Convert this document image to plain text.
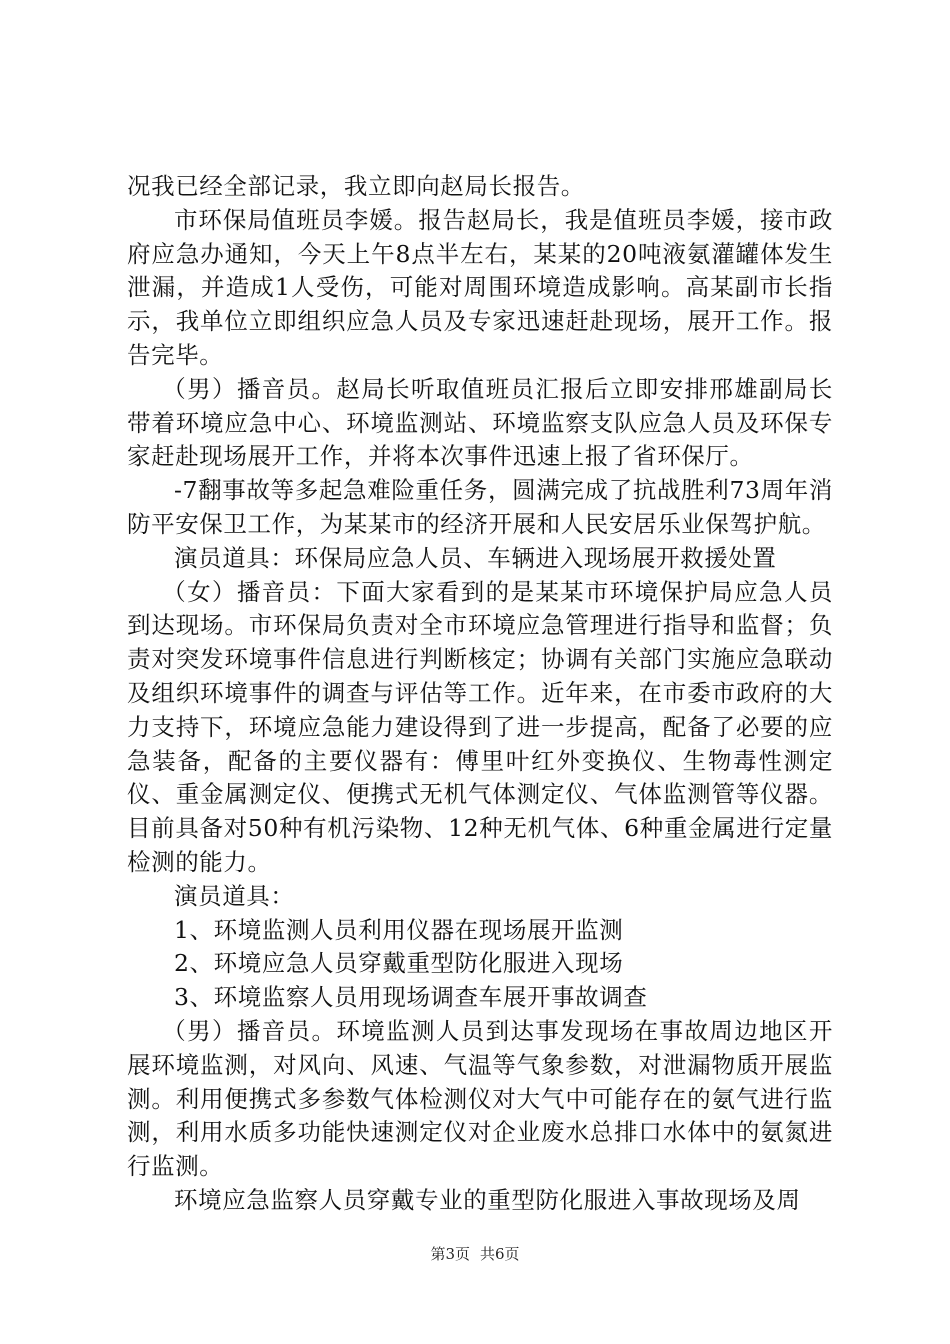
况我已经全部记录，我立即向赵局长报告。

市环保局值班员李媛。报告赵局长，我是值班员李媛，接市政府应急办通知，今天上午8点半左右，某某的20吨液氨灌罐体发生泄漏，并造成1人受伤，可能对周围环境造成影响。高某副市长指示，我单位立即组织应急人员及专家迅速赶赴现场，展开工作。报告完毕。

（男）播音员。赵局长听取值班员汇报后立即安排邢雄副局长带着环境应急中心、环境监测站、环境监察支队应急人员及环保专家赶赴现场展开工作，并将本次事件迅速上报了省环保厅。

-7翻事故等多起急难险重任务，圆满完成了抗战胜利73周年消防平安保卫工作，为某某市的经济开展和人民安居乐业保驾护航。

演员道具：环保局应急人员、车辆进入现场展开救援处置

（女）播音员：下面大家看到的是某某市环境保护局应急人员到达现场。市环保局负责对全市环境应急管理进行指导和监督；负责对突发环境事件信息进行判断核定；协调有关部门实施应急联动及组织环境事件的调查与评估等工作。近年来，在市委市政府的大力支持下，环境应急能力建设得到了进一步提高，配备了必要的应急装备，配备的主要仪器有：傅里叶红外变换仪、生物毒性测定仪、重金属测定仪、便携式无机气体测定仪、气体监测管等仪器。目前具备对50种有机污染物、12种无机气体、6种重金属进行定量检测的能力。

演员道具：

1、环境监测人员利用仪器在现场展开监测

2、环境应急人员穿戴重型防化服进入现场

3、环境监察人员用现场调查车展开事故调查

（男）播音员。环境监测人员到达事发现场在事故周边地区开展环境监测，对风向、风速、气温等气象参数，对泄漏物质开展监测。利用便携式多参数气体检测仪对大气中可能存在的氨气进行监测，利用水质多功能快速测定仪对企业废水总排口水体中的氨氮进行监测。

环境应急监察人员穿戴专业的重型防化服进入事故现场及周

第3页 共6页
